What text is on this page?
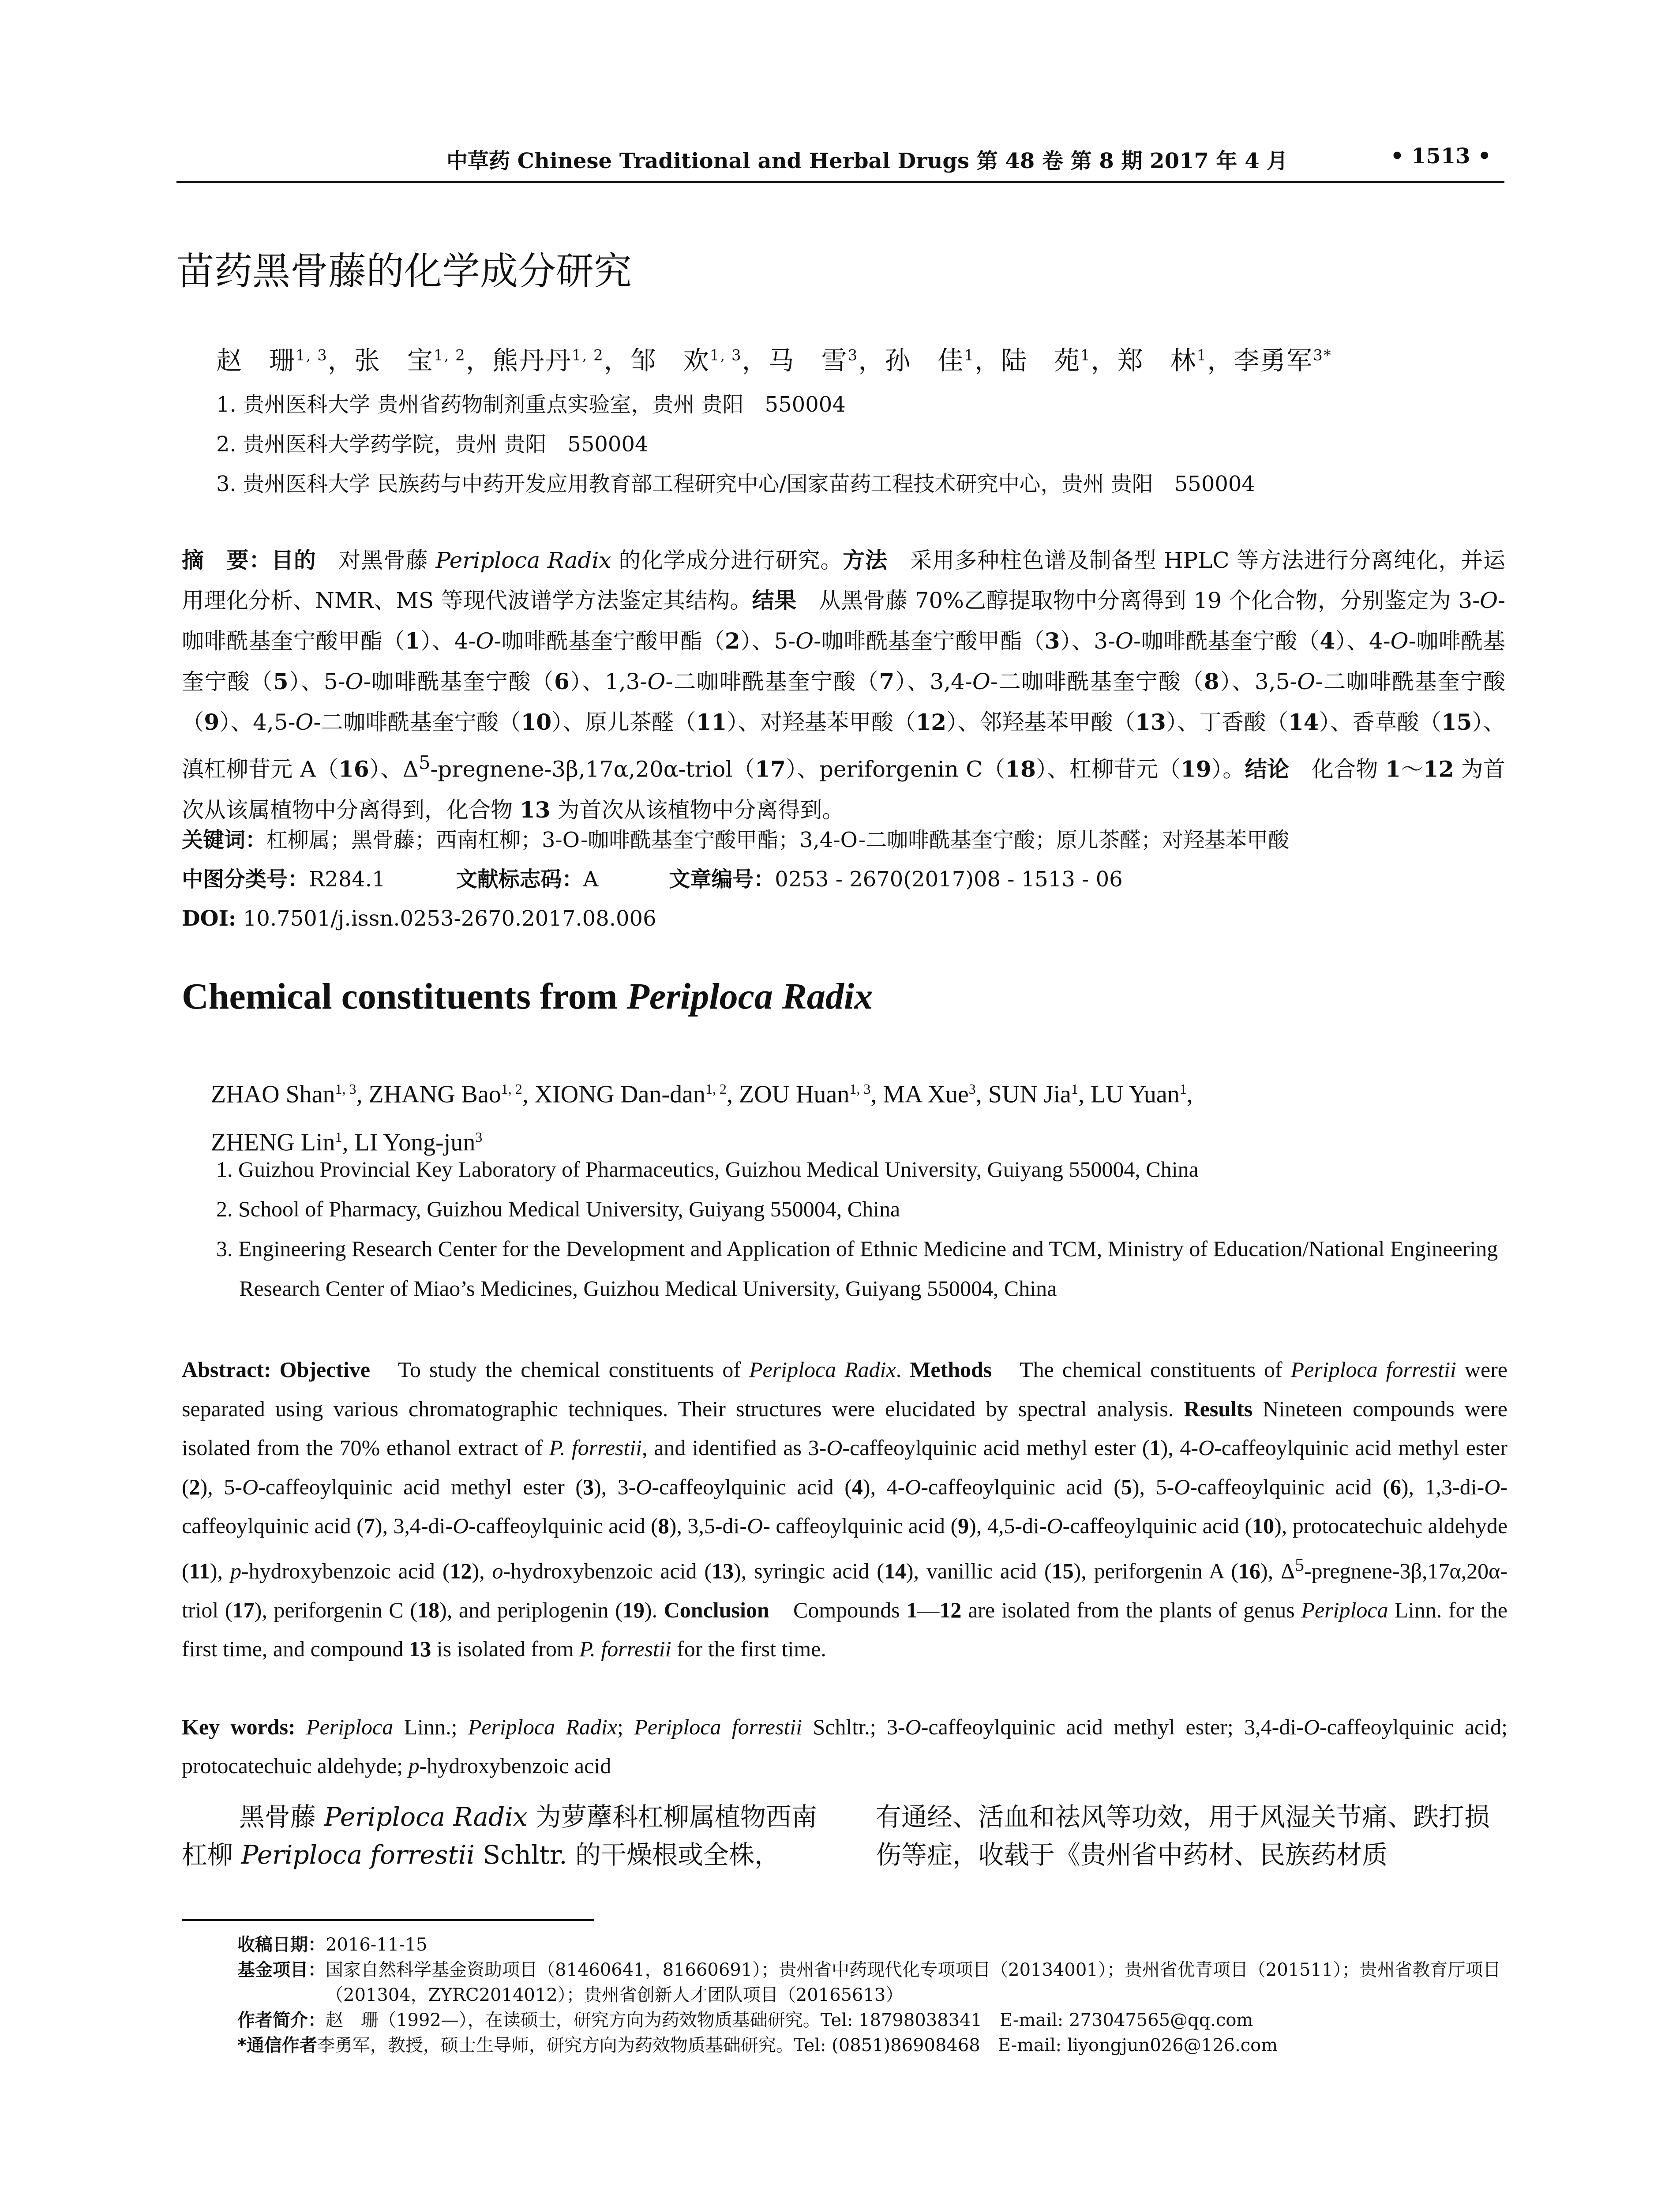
中草药 Chinese Traditional and Herbal Drugs 第 48 卷 第 8 期 2017 年 4 月	• 1513 •
苗药黑骨藤的化学成分研究
赵　珊$^{1, 3}$，张　宝$^{1, 2}$，熊丹丹$^{1, 2}$，邹　欢$^{1, 3}$，马　雪$^3$，孙　佳$^1$，陆　苑$^1$，郑　林$^1$，李勇军$^{3*}$
1. 贵州医科大学 贵州省药物制剂重点实验室，贵州 贵阳　550004
2. 贵州医科大学药学院，贵州 贵阳　550004
3. 贵州医科大学 民族药与中药开发应用教育部工程研究中心/国家苗药工程技术研究中心，贵州 贵阳　550004
摘　要：目的　对黑骨藤 Periploca Radix 的化学成分进行研究。方法　采用多种柱色谱及制备型 HPLC 等方法进行分离纯化，并运用理化分析、NMR、MS 等现代波谱学方法鉴定其结构。结果　从黑骨藤 70%乙醇提取物中分离得到 19 个化合物，分别鉴定为 3-O-咖啡酰基奎宁酸甲酯（1）、4-O-咖啡酰基奎宁酸甲酯（2）、5-O-咖啡酰基奎宁酸甲酯（3）、3-O-咖啡酰基奎宁酸（4）、4-O-咖啡酰基奎宁酸（5）、5-O-咖啡酰基奎宁酸（6）、1,3-O-二咖啡酰基奎宁酸（7）、3,4-O-二咖啡酰基奎宁酸（8）、3,5-O-二咖啡酰基奎宁酸（9）、4,5-O-二咖啡酰基奎宁酸（10）、原儿茶醛（11）、对羟基苯甲酸（12）、邻羟基苯甲酸（13）、丁香酸（14）、香草酸（15）、滇杠柳苷元 A（16）、$\Delta^5-pregnene-3\beta,17\alpha,20\alpha-triol(17)$、periforgenin C（18）、杠柳苷元（19）。结论　化合物 1～12 为首次从该属植物中分离得到，化合物 13 为首次从该植物中分离得到。
关键词：杠柳属；黑骨藤；西南杠柳；3-O-咖啡酰基奎宁酸甲酯；3,4-O-二咖啡酰基奎宁酸；原儿茶醛；对羟基苯甲酸
中图分类号：R284.1	文献标志码：A	文章编号：0253 - 2670(2017)08 - 1513 - 06
DOI: 10.7501/j.issn.0253-2670.2017.08.006
Chemical constituents from Periploca Radix
ZHAO Shan$^{1, 3}$, ZHANG Bao$^{1, 2}$, XIONG Dan-dan$^{1, 2}$, ZOU Huan$^{1, 3}$, MA Xue$^3$, SUN Jia$^1$, LU Yuan$^1$,
ZHENG Lin$^1$, LI Yong-jun$^3$
1. Guizhou Provincial Key Laboratory of Pharmaceutics, Guizhou Medical University, Guiyang 550004, China
2. School of Pharmacy, Guizhou Medical University, Guiyang 550004, China
3. Engineering Research Center for the Development and Application of Ethnic Medicine and TCM, Ministry of Education/National Engineering Research Center of Miao’s Medicines, Guizhou Medical University, Guiyang 550004, China
Abstract: Objective　To study the chemical constituents of Periploca Radix. Methods　The chemical constituents of Periploca forrestii were separated using various chromatographic techniques. Their structures were elucidated by spectral analysis. Results Nineteen compounds were isolated from the 70% ethanol extract of P. forrestii, and identified as 3-O-caffeoylquinic acid methyl ester (1), 4-O-caffeoylquinic acid methyl ester (2), 5-O-caffeoylquinic acid methyl ester (3), 3-O-caffeoylquinic acid (4), 4-O-caffeoylquinic acid (5), 5-O-caffeoylquinic acid (6), 1,3-di-O-caffeoylquinic acid (7), 3,4-di-O-caffeoylquinic acid (8), 3,5-di-O- caffeoylquinic acid (9), 4,5-di-O-caffeoylquinic acid (10), protocatechuic aldehyde (11), p-hydroxybenzoic acid (12), o-hydroxybenzoic acid (13), syringic acid (14), vanillic acid (15), periforgenin A (16), $\Delta^5-pregnene-3\beta,17\alpha,20\alpha$-triol (17), periforgenin C (18), and periplogenin (19). Conclusion　Compounds 1—12 are isolated from the plants of genus Periploca Linn. for the first time, and compound 13 is isolated from P. forrestii for the first time.
Key words: Periploca Linn.; Periploca Radix; Periploca forrestii Schltr.; 3-O-caffeoylquinic acid methyl ester; 3,4-di-O-caffeoylquinic acid; protocatechuic aldehyde; p-hydroxybenzoic acid
黑骨藤 Periploca Radix 为萝藦科杠柳属植物西南杠柳 Periploca forrestii Schltr. 的干燥根或全株，
有通经、活血和祛风等功效，用于风湿关节痛、跌打损伤等症，收载于《贵州省中药材、民族药材质
收稿日期： 2016-11-15
基金项目： 国家自然科学基金资助项目（81460641，81660691）；贵州省中药现代化专项项目（20134001）；贵州省优青项目（201511）；贵州省教育厅项目（201304，ZYRC2014012）；贵州省创新人才团队项目（20165613）
作者简介： 赵　珊（1992—），在读硕士，研究方向为药效物质基础研究。Tel: 18798038341　E-mail: 273047565@qq.com
*通信作者 李勇军，教授，硕士生导师，研究方向为药效物质基础研究。Tel: (0851)86908468　E-mail: liyongjun026@126.com
